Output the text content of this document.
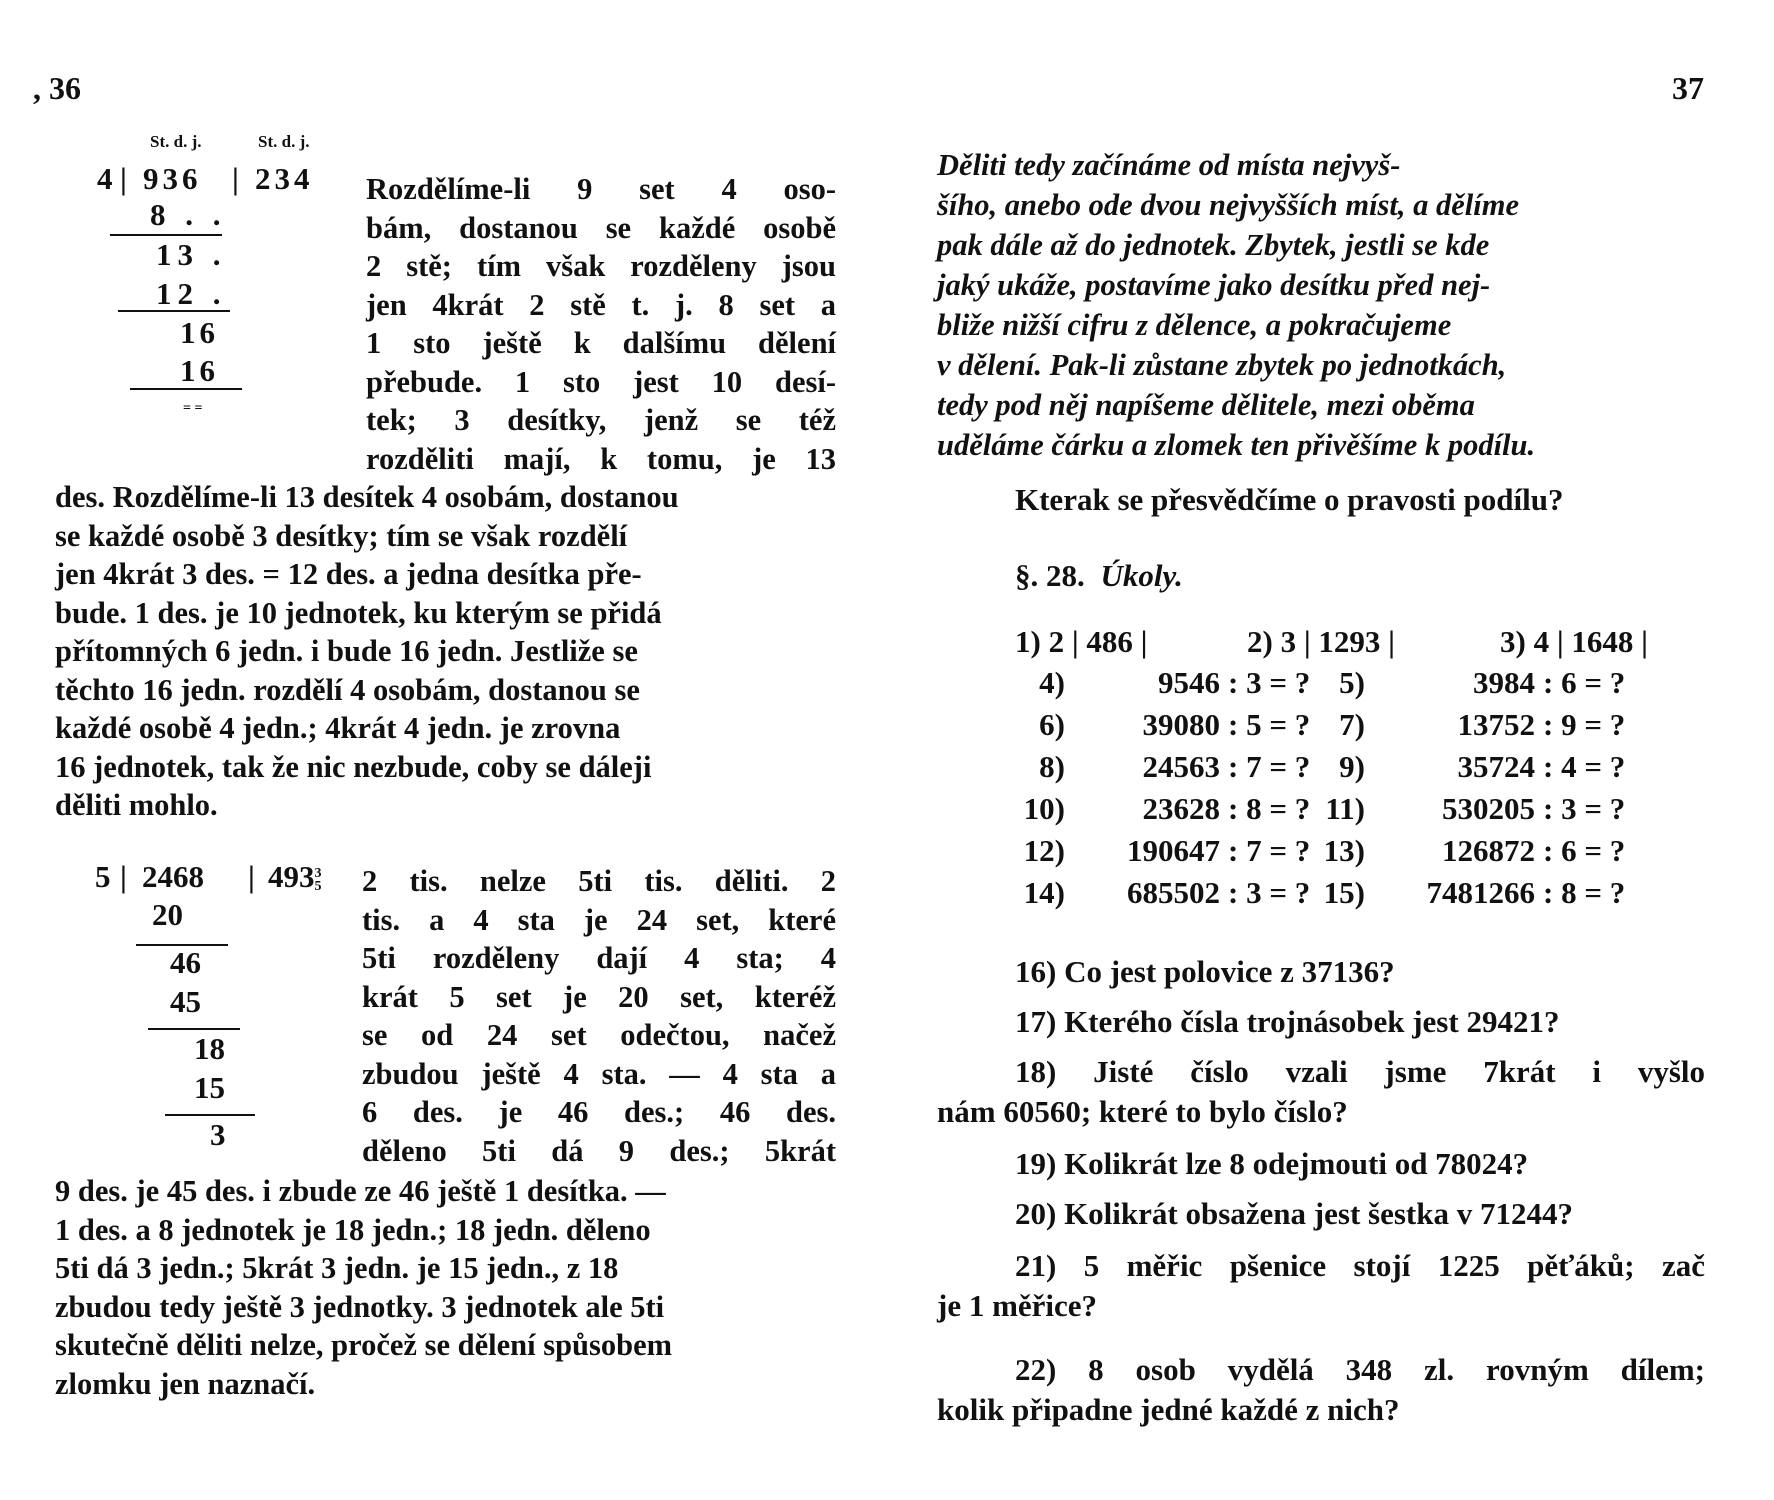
, 36
St. d. j.	St. d. j.
4 | 936 | 234
8 . .
13 .
12 .
16
16
= =
Rozdělíme-li 9 set 4 oso-
bám, dostanou se každé osobě
2 stě; tím však rozděleny jsou
jen 4krát 2 stě t. j. 8 set a
1 sto ještě k dalšímu dělení
přebude. 1 sto jest 10 desí-
tek; 3 desítky, jenž se též
rozděliti mají, k tomu, je 13
des. Rozdělíme-li 13 desítek 4 osobám, dostanou
se každé osobě 3 desítky; tím se však rozdělí
jen 4krát 3 des. = 12 des. a jedna desítka pře-
bude. 1 des. je 10 jednotek, ku kterým se přidá
přítomných 6 jedn. i bude 16 jedn. Jestliže se
těchto 16 jedn. rozdělí 4 osobám, dostanou se
každé osobě 4 jedn.; 4krát 4 jedn. je zrovna
16 jednotek, tak že nic nezbude, coby se dáleji
děliti mohlo.
5 | 2468 | 493 3
5
20
46
45
18
15
3
2 tis. nelze 5ti tis. děliti. 2
tis. a 4 sta je 24 set, které
5ti rozděleny dají 4 sta; 4
krát 5 set je 20 set, kteréž
se od 24 set odečtou, načež
zbudou ještě 4 sta. — 4 sta a
6 des. je 46 des.; 46 des.
děleno 5ti dá 9 des.; 5krát
9 des. je 45 des. i zbude ze 46 ještě 1 desítka. —
1 des. a 8 jednotek je 18 jedn.; 18 jedn. děleno
5ti dá 3 jedn.; 5krát 3 jedn. je 15 jedn., z 18
zbudou tedy ještě 3 jednotky. 3 jednotek ale 5ti
skutečně děliti nelze, pročež se dělení spůsobem
zlomku jen naznačí.
37
Děliti tedy začínáme od místa nejvyš-
šího, anebo ode dvou nejvyšších míst, a dělíme
pak dále až do jednotek. Zbytek, jestli se kde
jaký ukáže, postavíme jako desítku před nej-
bliže nižší cifru z dělence, a pokračujeme
v dělení. Pak-li zůstane zbytek po jednotkách,
tedy pod něj napíšeme dělitele, mezi oběma
uděláme čárku a zlomek ten přivěšíme k podílu.
Kterak se přesvědčíme o pravosti podílu?
§. 28. Úkoly.
1) 2 | 486 |	2) 3 | 1293 |	3) 4 | 1648 |
4)	9546 : 3 = ? 5)	3984 : 6 = ?
6)	39080 : 5 = ? 7)	13752 : 9 = ?
8)	24563 : 7 = ? 9)	35724 : 4 = ?
10)	23628 : 8 = ? 11)	530205 : 3 = ?
12)	190647 : 7 = ? 13)	126872 : 6 = ?
14)	685502 : 3 = ? 15)	7481266 : 8 = ?
16) Co jest polovice z 37136?
17) Kterého čísla trojnásobek jest 29421?
18) Jisté číslo vzali jsme 7krát i vyšlo
nám 60560; které to bylo číslo?
19) Kolikrát lze 8 odejmouti od 78024?
20) Kolikrát obsažena jest šestka v 71244?
21) 5 měřic pšenice stojí 1225 pěťáků; zač
je 1 měřice?
22) 8 osob vydělá 348 zl. rovným dílem;
kolik připadne jedné každé z nich?
